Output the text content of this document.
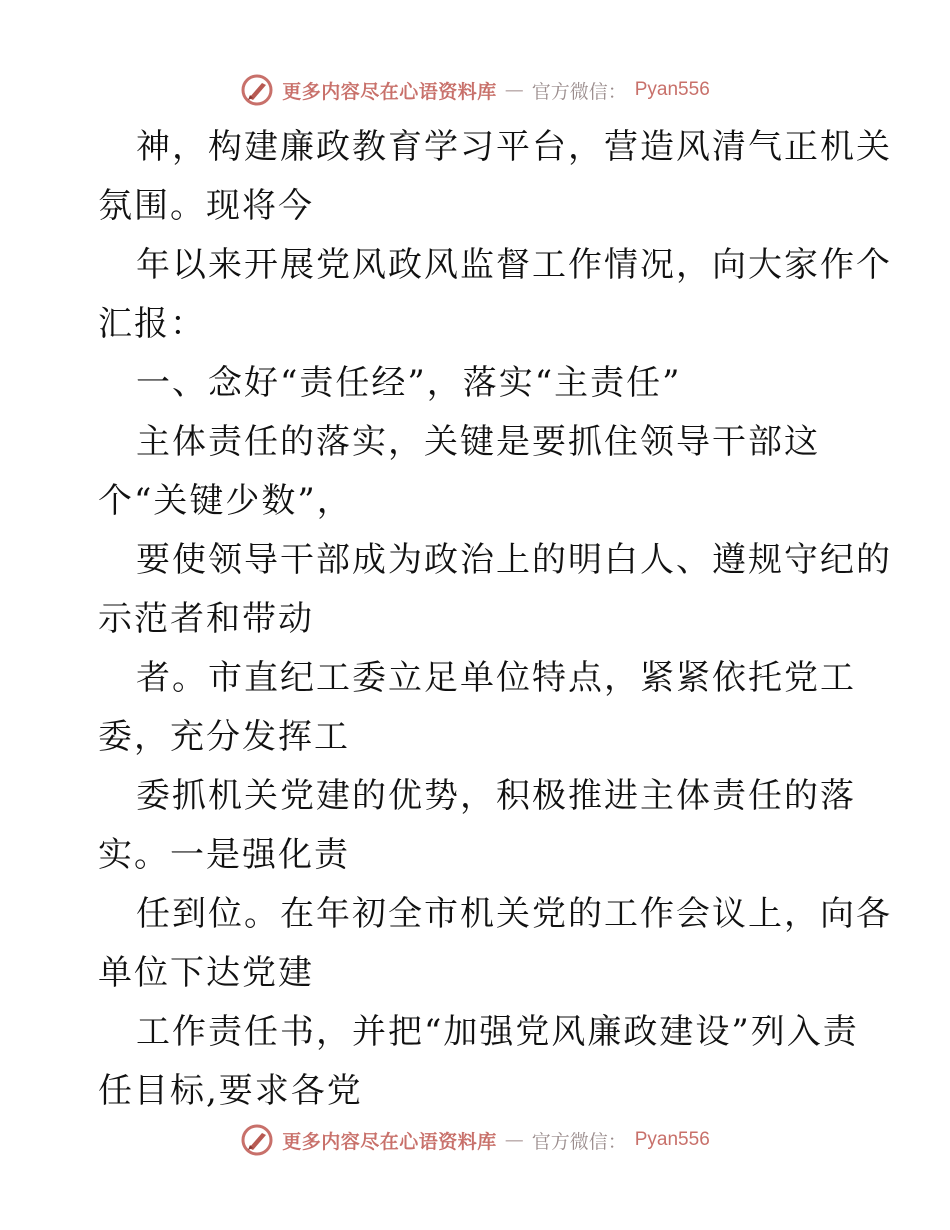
更多内容尽在心语资料库 — 官方微信： Pyan556
神，构建廉政教育学习平台，营造风清气正机关
氛围。现将今
年以来开展党风政风监督工作情况，向大家作个
汇报：
一、念好“责任经”，落实“主责任”
主体责任的落实，关键是要抓住领导干部这
个“关键少数”，
要使领导干部成为政治上的明白人、遵规守纪的
示范者和带动
者。市直纪工委立足单位特点，紧紧依托党工
委，充分发挥工
委抓机关党建的优势，积极推进主体责任的落
实。一是强化责
任到位。在年初全市机关党的工作会议上，向各
单位下达党建
工作责任书，并把“加强党风廉政建设”列入责
任目标,要求各党
更多内容尽在心语资料库 — 官方微信： Pyan556
